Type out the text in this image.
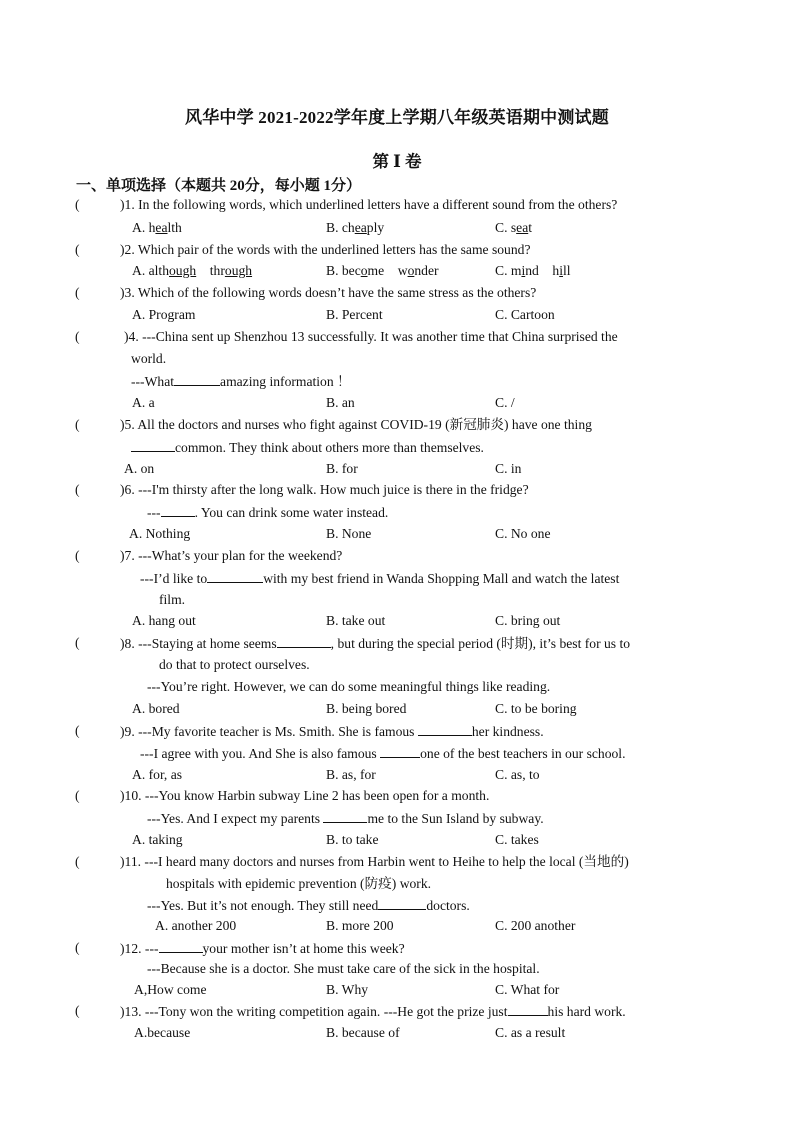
风华中学 2021-2022学年度上学期八年级英语期中测试题
第 Ⅰ 卷
一、单项选择（本题共 20分，每小题 1分）
(	)1. In the following words, which underlined letters have a different sound from the others?
A. health	B. cheaply	C. seat
(	)2. Which pair of the words with the underlined letters has the same sound?
A. although through	B. become wonder	C. mind hill
(	)3. Which of the following words doesn’t have the same stress as the others?
A. Program	B. Percent	C. Cartoon
(	)4. ---China sent up Shenzhou 13 successfully. It was another time that China surprised the
world.
---What	amazing information ！
A. a	B. an	C. /
(	)5. All the doctors and nurses who fight against COVID-19 (新冠肺炎) have one thing
common. They think about others more than themselves.
A. on	B. for	C. in
(	)6. ---I'm thirsty after the long walk. How much juice is there in the fridge?
---	. You can drink some water instead.
A. Nothing	B. None	C. No one
(	)7. ---What’s your plan for the weekend?
---I’d like to	with my best friend in Wanda Shopping Mall and watch the latest
film.
A. hang out	B. take out	C. bring out
(	)8. ---Staying at home seems	, but during the special period (时期), it’s best for us to
do that to protect ourselves.
---You’re right. However, we can do some meaningful things like reading.
A. bored	B. being bored	C. to be boring
(	)9. ---My favorite teacher is Ms. Smith. She is famous	her kindness.
---I agree with you. And She is also famous	one of the best teachers in our school.
A. for, as	B. as, for	C. as, to
(	)10. ---You know Harbin subway Line 2 has been open for a month.
---Yes. And I expect my parents	me to the Sun Island by subway.
A. taking	B. to take	C. takes
(	)11. ---I heard many doctors and nurses from Harbin went to Heihe to help the local (当地的)
hospitals with epidemic prevention (防疫) work.
---Yes. But it’s not enough. They still need	doctors.
A. another 200	B. more 200	C. 200 another
(	)12. ---	your mother isn’t at home this week?
---Because she is a doctor. She must take care of the sick in the hospital.
A,How come	B. Why	C. What for
(	)13. ---Tony won the writing competition again. ---He got the prize just	his hard work.
A.because	B. because of	C. as a result
